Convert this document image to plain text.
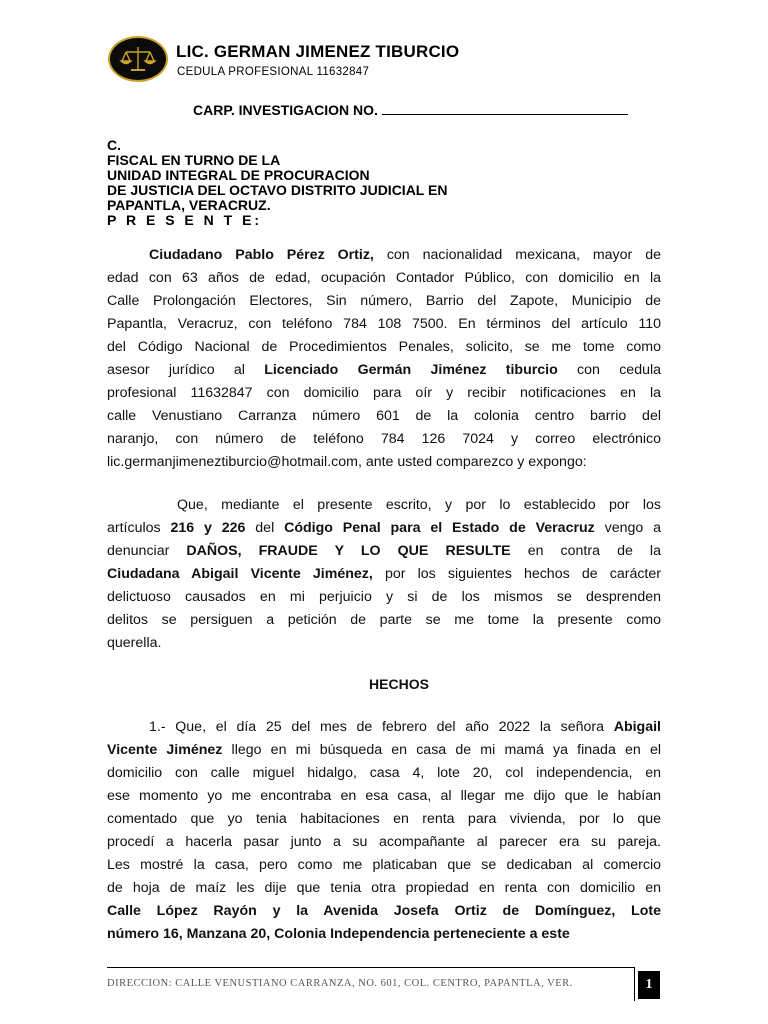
LIC. GERMAN JIMENEZ TIBURCIO
CEDULA PROFESIONAL 11632847
CARP. INVESTIGACION NO.
C.
FISCAL EN TURNO DE LA
UNIDAD INTEGRAL DE PROCURACION
DE JUSTICIA DEL OCTAVO DISTRITO JUDICIAL EN
PAPANTLA, VERACRUZ.
P R E S E N T E:
Ciudadano Pablo Pérez Ortiz, con nacionalidad mexicana, mayor de
edad con 63 años de edad, ocupación Contador Público, con domicilio en la
Calle Prolongación Electores, Sin número, Barrio del Zapote, Municipio de
Papantla, Veracruz, con teléfono 784 108 7500. En términos del artículo 110
del Código Nacional de Procedimientos Penales, solicito, se me tome como
asesor jurídico al Licenciado Germán Jiménez tiburcio con cedula
profesional 11632847 con domicilio para oír y recibir notificaciones en la
calle Venustiano Carranza número 601 de la colonia centro barrio del
naranjo, con número de teléfono 784 126 7024 y correo electrónico
lic.germanjimeneztiburcio@hotmail.com, ante usted comparezco y expongo:
Que, mediante el presente escrito, y por lo establecido por los
artículos 216 y 226 del Código Penal para el Estado de Veracruz vengo a
denunciar DAÑOS, FRAUDE Y LO QUE RESULTE en contra de la
Ciudadana Abigail Vicente Jiménez, por los siguientes hechos de carácter
delictuoso causados en mi perjuicio y si de los mismos se desprenden
delitos se persiguen a petición de parte se me tome la presente como
querella.
HECHOS
1.- Que, el día 25 del mes de febrero del año 2022 la señora Abigail
Vicente Jiménez llego en mi búsqueda en casa de mi mamá ya finada en el
domicilio con calle miguel hidalgo, casa 4, lote 20, col independencia, en
ese momento yo me encontraba en esa casa, al llegar me dijo que le habían
comentado que yo tenia habitaciones en renta para vivienda, por lo que
procedí a hacerla pasar junto a su acompañante al parecer era su pareja.
Les mostré la casa, pero como me platicaban que se dedicaban al comercio
de hoja de maíz les dije que tenia otra propiedad en renta con domicilio en
Calle López Rayón y la Avenida Josefa Ortiz de Domínguez, Lote
número 16, Manzana 20, Colonia Independencia perteneciente a este
DIRECCION: CALLE VENUSTIANO CARRANZA, NO. 601, COL. CENTRO, PAPANTLA, VER.	1
